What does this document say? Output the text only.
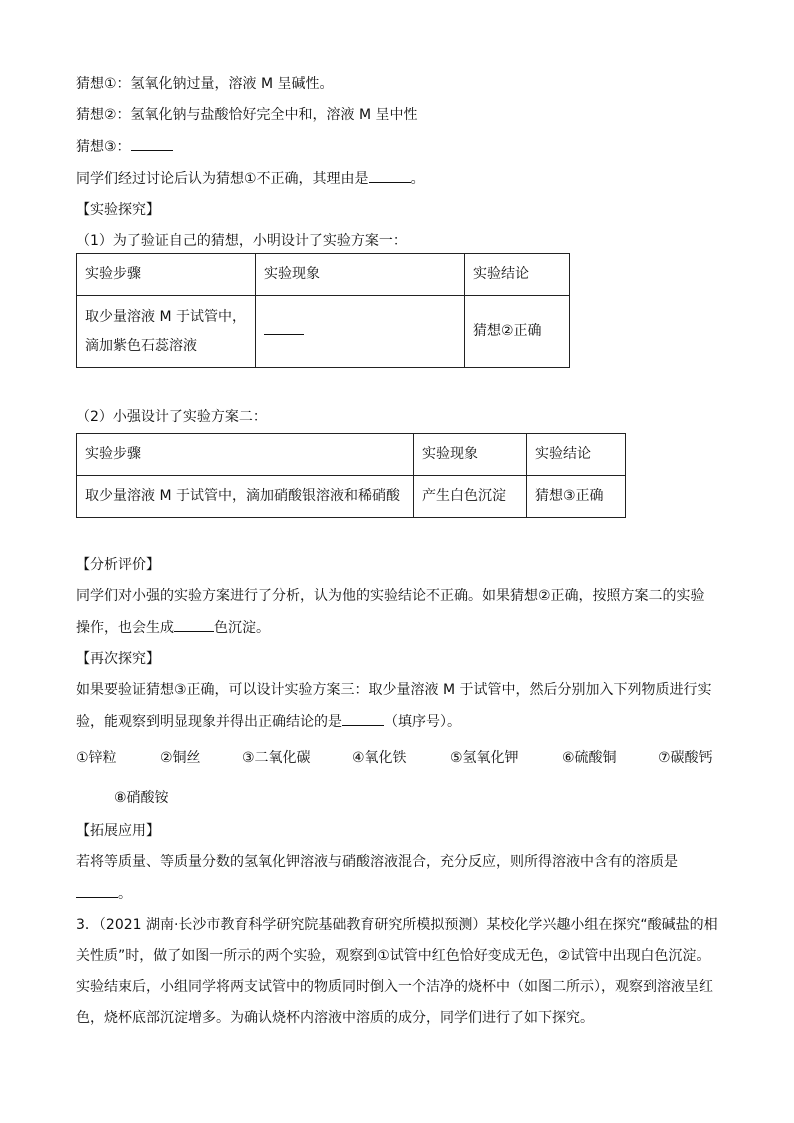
猜想①：氢氧化钠过量，溶液 M 呈碱性。

猜想②：氢氧化钠与盐酸恰好完全中和，溶液 M 呈中性

猜想③：

同学们经过讨论后认为猜想①不正确，其理由是	。

【实验探究】

（1）为了验证自己的猜想，小明设计了实验方案一：

实验步骤	实验现象	实验结论

取少量溶液 M 于试管中，
滴加紫色石蕊溶液		猜想②正确

（2）小强设计了实验方案二：

实验步骤	实验现象	实验结论
取少量溶液 M 于试管中，滴加硝酸银溶液和稀硝酸	产生白色沉淀	猜想③正确

【分析评价】

同学们对小强的实验方案进行了分析，认为他的实验结论不正确。如果猜想②正确，按照方案二的实验

操作，也会生成	色沉淀。

【再次探究】

如果要验证猜想③正确，可以设计实验方案三：取少量溶液 M 于试管中，然后分别加入下列物质进行实

验，能观察到明显现象并得出正确结论的是	（填序号）。

①锌粒	②铜丝	③二氧化碳	④氧化铁	⑤氢氧化钾	⑥硫酸铜	⑦碳酸钙
⑧硝酸铵

【拓展应用】

若将等质量、等质量分数的氢氧化钾溶液与硝酸溶液混合，充分反应，则所得溶液中含有的溶质是

。

3．（2021 湖南·长沙市教育科学研究院基础教育研究所模拟预测）某校化学兴趣小组在探究“酸碱盐的相

关性质”时，做了如图一所示的两个实验，观察到①试管中红色恰好变成无色，②试管中出现白色沉淀。

实验结束后，小组同学将两支试管中的物质同时倒入一个洁净的烧杯中（如图二所示），观察到溶液呈红

色，烧杯底部沉淀增多。为确认烧杯内溶液中溶质的成分，同学们进行了如下探究。
